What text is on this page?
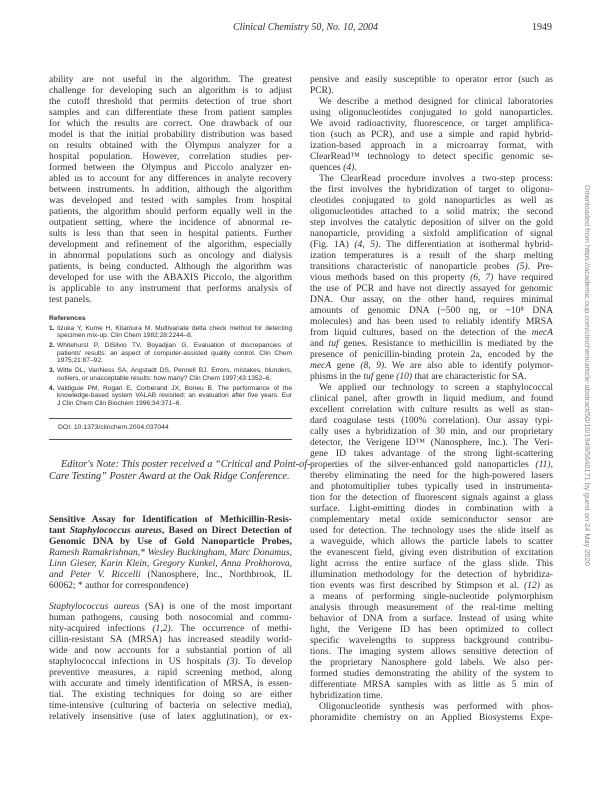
Clinical Chemistry 50, No. 10, 2004	1949
ability are not useful in the algorithm. The greatest
challenge for developing such an algorithm is to adjust
the cutoff threshold that permits detection of true short
samples and can differentiate these from patient samples
for which the results are correct. One drawback of our
model is that the initial probability distribution was based
on results obtained with the Olympus analyzer for a
hospital population. However, correlation studies per-
formed between the Olympus and Piccolo analyzer en-
abled us to account for any differences in analyte recovery
between instruments. In addition, although the algorithm
was developed and tested with samples from hospital
patients, the algorithm should perform equally well in the
outpatient setting, where the incidence of abnormal re-
sults is less than that seen in hospital patients. Further
development and refinement of the algorithm, especially
in abnormal populations such as oncology and dialysis
patients, is being conducted. Although the algorithm was
developed for use with the ABAXIS Piccolo, the algorithm
is applicable to any instrument that performs analysis of
test panels.
References
1. Iizuka Y, Kume H, Kitamura M. Multivariate delta check method for detecting
specimen mix-up. Clin Chem 1982;28:2244–8.
2. Whitehurst P, DiSilvio TV, Boyadjian G. Evaluation of discrepancies of
patients' results: an aspect of computer-assisted quality control. Clin Chem
1975;21:87–92.
3. Witte DL, VanNess SA, Angstadt DS, Pennell BJ. Errors, mistakes, blunders,
outliers, or unacceptable results: how many? Clin Chem 1997;43:1352–6.
4. Valdiguie PM, Rogari E, Corberand JX, Boneu B. The performance of the
knowledge-based system VALAB revisited: an evaluation after five years. Eur
J Clin Chem Clin Biochem 1996;34:371–6.
DOI: 10.1373/clinchem.2004.037044
Editor's Note: This poster received a “Critical and Point-of-
Care Testing” Poster Award at the Oak Ridge Conference.
Sensitive Assay for Identification of Methicillin-Resis-
tant Staphylococcus aureus, Based on Direct Detection of
Genomic DNA by Use of Gold Nanoparticle Probes,
Ramesh Ramakrishnan,* Wesley Buckingham, Marc Donamus,
Linn Gieser, Karin Klein, Gregory Kunkel, Anna Prokhorova,
and Peter V. Riccelli (Nanosphere, Inc., Northbrook, IL
60062; * author for correspondence)
Staphylococcus aureus (SA) is one of the most important
human pathogens, causing both nosocomial and commu-
nity-acquired infections (1,2). The occurrence of methi-
cillin-resistant SA (MRSA) has increased steadily world-
wide and now accounts for a substantial portion of all
staphylococcal infections in US hospitals (3). To develop
preventive measures, a rapid screening method, along
with accurate and timely identification of MRSA, is essen-
tial. The existing techniques for doing so are either
time-intensive (culturing of bacteria on selective media),
relatively insensitive (use of latex agglutination), or ex-
pensive and easily susceptible to operator error (such as
PCR).
We describe a method designed for clinical laboratories
using oligonucleotides conjugated to gold nanoparticles.
We avoid radioactivity, fluorescence, or target amplifica-
tion (such as PCR), and use a simple and rapid hybrid-
ization-based approach in a microarray format, with
ClearRead™ technology to detect specific genomic se-
quences (4).
The ClearRead procedure involves a two-step process:
the first involves the hybridization of target to oligonu-
cleotides conjugated to gold nanoparticles as well as
oligonucleotides attached to a solid matrix; the second
step involves the catalytic deposition of silver on the gold
nanoparticle, providing a sixfold amplification of signal
(Fig. 1A) (4, 5). The differentiation at isothermal hybrid-
ization temperatures is a result of the sharp melting
transitions characteristic of nanoparticle probes (5). Pre-
vious methods based on this property (6, 7) have required
the use of PCR and have not directly assayed for genomic
DNA. Our assay, on the other hand, requires minimal
amounts of genomic DNA (~500 ng, or ~10⁸ DNA
molecules) and has been used to reliably identify MRSA
from liquid cultures, based on the detection of the mecA
and tuf genes. Resistance to methicillin is mediated by the
presence of penicillin-binding protein 2a, encoded by the
mecA gene (8, 9). We are also able to identify polymor-
phisms in the tuf gene (10) that are characteristic for SA.
We applied our technology to screen a staphylococcal
clinical panel, after growth in liquid medium, and found
excellent correlation with culture results as well as stan-
dard coagulase tests (100% correlation). Our assay typi-
cally uses a hybridization of 30 min, and our proprietary
detector, the Verigene ID™ (Nanosphere, Inc.). The Veri-
gene ID takes advantage of the strong light-scattering
properties of the silver-enhanced gold nanoparticles (11),
thereby eliminating the need for the high-powered lasers
and photomultiplier tubes typically used in instrumenta-
tion for the detection of fluorescent signals against a glass
surface. Light-emitting diodes in combination with a
complementary metal oxide semiconductor sensor are
used for detection. The technology uses the slide itself as
a waveguide, which allows the particle labels to scatter
the evanescent field, giving even distribution of excitation
light across the entire surface of the glass slide. This
illumination methodology for the detection of hybridiza-
tion events was first described by Stimpson et al. (12) as
a means of performing single-nucleotide polymorphism
analysis through measurement of the real-time melting
behavior of DNA from a surface. Instead of using white
light, the Verigene ID has been optimized to collect
specific wavelengths to suppress background contribu-
tions. The imaging system allows sensitive detection of
the proprietary Nanosphere gold labels. We also per-
formed studies demonstrating the ability of the system to
differentiate MRSA samples with as little as 5 min of
hybridization time.
Oligonucleotide synthesis was performed with phos-
phoramidite chemistry on an Applied Biosystems Expe-
Downloaded from https://academic.oup.com/clinchem/article-abstract/50/10/1949/5640171 by guest on 24 May 2020
